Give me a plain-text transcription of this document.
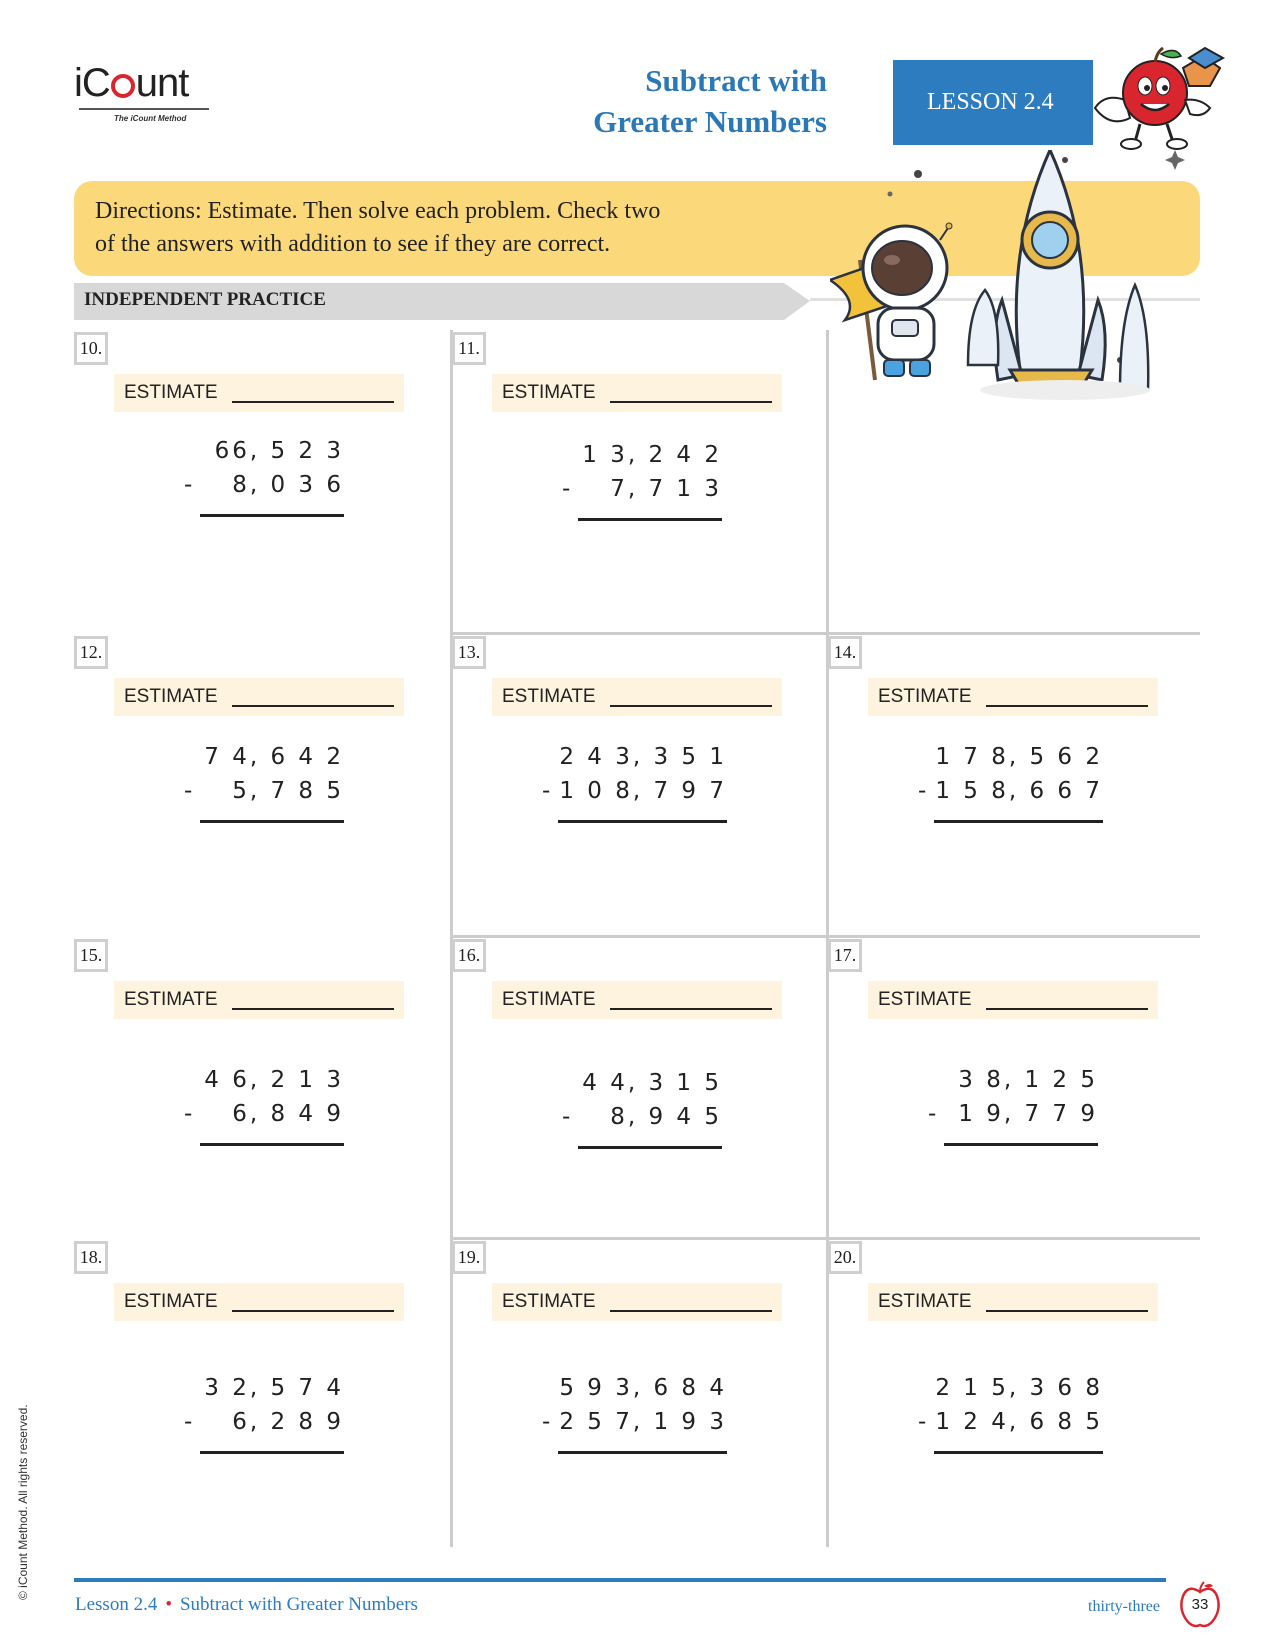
iC unt
The iCount Method
Subtract with
Greater Numbers
LESSON 2.4
Directions: Estimate. Then solve each problem. Check two
of the answers with addition to see if they are correct.
INDEPENDENT PRACTICE
10.
ESTIMATE
66, 5 2 3
- 8, 0 3 6
11.
ESTIMATE
1 3, 2 4 2
- 7, 7 1 3
12.
ESTIMATE
7 4, 6 4 2
- 5, 7 8 5
13.
ESTIMATE
2 4 3, 3 5 1
- 1 0 8, 7 9 7
14.
ESTIMATE
1 7 8, 5 6 2
- 1 5 8, 6 6 7
15.
ESTIMATE
4 6, 2 1 3
- 6, 8 4 9
16.
ESTIMATE
4 4, 3 1 5
- 8, 9 4 5
17.
ESTIMATE
3 8, 1 2 5
- 1 9, 7 7 9
18.
ESTIMATE
3 2, 5 7 4
- 6, 2 8 9
19.
ESTIMATE
5 9 3, 6 8 4
- 2 5 7, 1 9 3
20.
ESTIMATE
2 1 5, 3 6 8
- 1 2 4, 6 8 5
Lesson 2.4 • Subtract with Greater Numbers	thirty-three	33
© iCount Method. All rights reserved.
